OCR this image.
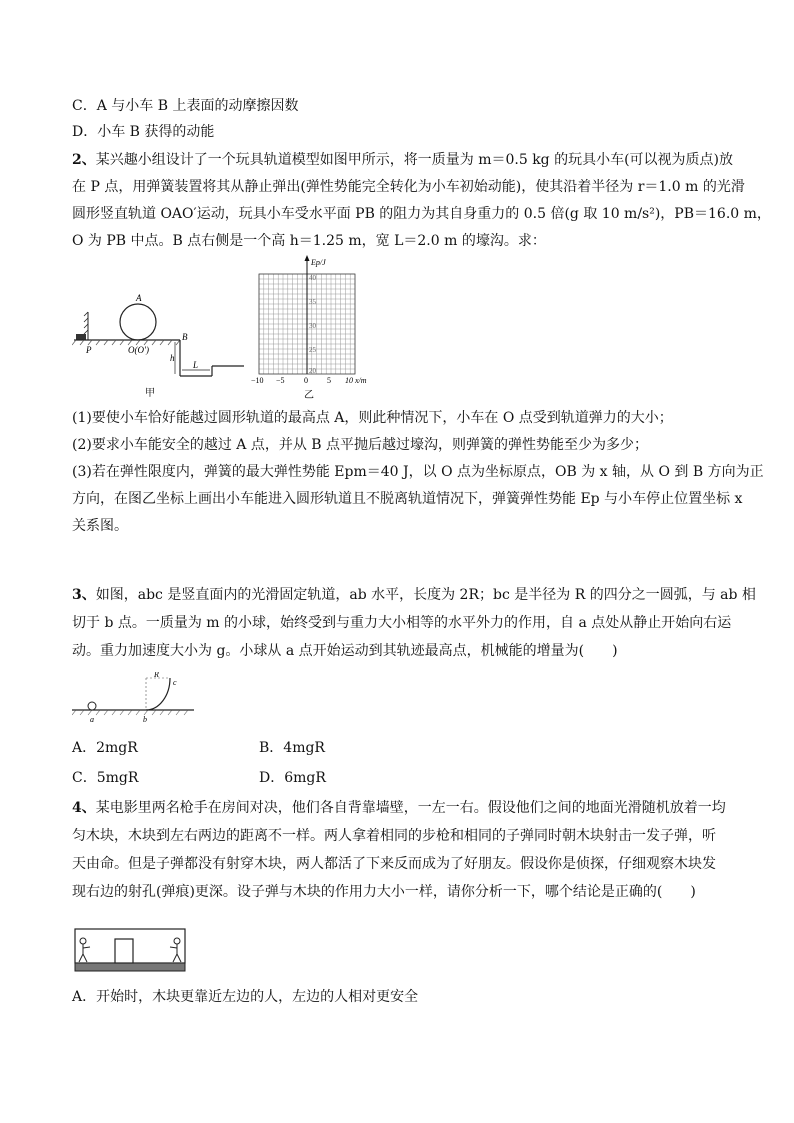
C．A 与小车 B 上表面的动摩擦因数
D．小车 B 获得的动能
2、某兴趣小组设计了一个玩具轨道模型如图甲所示，将一质量为 m＝0.5 kg 的玩具小车(可以视为质点)放
在 P 点，用弹簧装置将其从静止弹出(弹性势能完全转化为小车初始动能)，使其沿着半径为 r＝1.0 m 的光滑
圆形竖直轨道 OAO′运动，玩具小车受水平面 PB 的阻力为其自身重力的 0.5 倍(g 取 10 m/s²)，PB＝16.0 m，
O 为 PB 中点。B 点右侧是一个高 h＝1.25 m，宽 L＝2.0 m 的壕沟。求：
A
B
P	O(O′)
h
L
甲
Ep/J
40
35
30
25
20
−10 −5 0 5 10 x/m
乙
(1)要使小车恰好能越过圆形轨道的最高点 A，则此种情况下，小车在 O 点受到轨道弹力的大小；
(2)要求小车能安全的越过 A 点，并从 B 点平抛后越过壕沟，则弹簧的弹性势能至少为多少；
(3)若在弹性限度内，弹簧的最大弹性势能 Epm＝40 J，以 O 点为坐标原点，OB 为 x 轴，从 O 到 B 方向为正
方向，在图乙坐标上画出小车能进入圆形轨道且不脱离轨道情况下，弹簧弹性势能 Ep 与小车停止位置坐标 x
关系图。
3、如图，abc 是竖直面内的光滑固定轨道，ab 水平，长度为 2R；bc 是半径为 R 的四分之一圆弧，与 ab 相
切于 b 点。一质量为 m 的小球，始终受到与重力大小相等的水平外力的作用，自 a 点处从静止开始向右运
动。重力加速度大小为 g。小球从 a 点开始运动到其轨迹最高点，机械能的增量为(　　)
R
a	b
c
A．2mgR	B．4mgR
C．5mgR	D．6mgR
4、某电影里两名枪手在房间对决，他们各自背靠墙壁，一左一右。假设他们之间的地面光滑随机放着一均
匀木块，木块到左右两边的距离不一样。两人拿着相同的步枪和相同的子弹同时朝木块射击一发子弹，听
天由命。但是子弹都没有射穿木块，两人都活了下来反而成为了好朋友。假设你是侦探，仔细观察木块发
现右边的射孔(弹痕)更深。设子弹与木块的作用力大小一样，请你分析一下，哪个结论是正确的(　　)
A．开始时，木块更靠近左边的人，左边的人相对更安全
